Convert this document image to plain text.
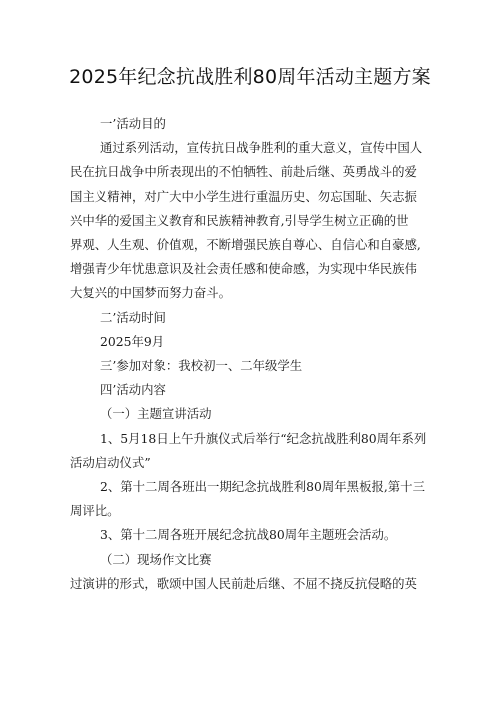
2025年纪念抗战胜利80周年活动主题方案
一’活动目的
通过系列活动，宣传抗日战争胜利的重大意义，宣传中国人
民在抗日战争中所表现出的不怕牺牲、前赴后继、英勇战斗的爱
国主义精神，对广大中小学生进行重温历史、勿忘国耻、矢志振
兴中华的爱国主义教育和民族精神教育,引导学生树立正确的世
界观、人生观、价值观，不断增强民族自尊心、自信心和自豪感,
增强青少年忧患意识及社会责任感和使命感，为实现中华民族伟
大复兴的中国梦而努力奋斗。
二’活动时间
2025年9月
三’参加对象：我校初一、二年级学生
四’活动内容
（一）主题宣讲活动
1、5月18日上午升旗仪式后举行“纪念抗战胜利80周年系列
活动启动仪式”
2、第十二周各班出一期纪念抗战胜利80周年黑板报,第十三
周评比。
3、第十二周各班开展纪念抗战80周年主题班会活动。
（二）现场作文比赛
过演讲的形式，歌颂中国人民前赴后继、不屈不挠反抗侵略的英
